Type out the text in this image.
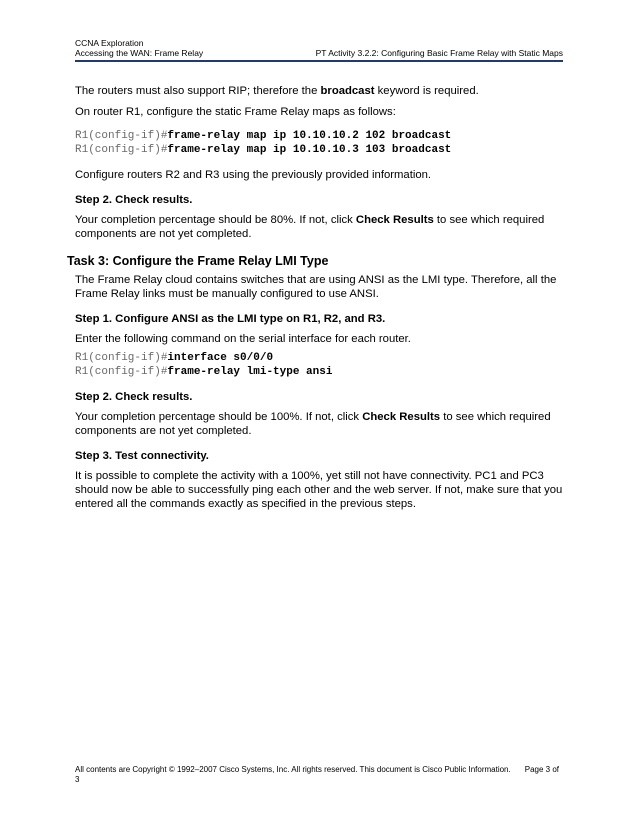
CCNA Exploration
Accessing the WAN: Frame Relay	PT Activity 3.2.2: Configuring Basic Frame Relay with Static Maps

The routers must also support RIP; therefore the broadcast keyword is required.

On router R1, configure the static Frame Relay maps as follows:

R1(config-if)#frame-relay map ip 10.10.10.2 102 broadcast
R1(config-if)#frame-relay map ip 10.10.10.3 103 broadcast

Configure routers R2 and R3 using the previously provided information.

Step 2. Check results.

Your completion percentage should be 80%. If not, click Check Results to see which required components are not yet completed.

Task 3: Configure the Frame Relay LMI Type

The Frame Relay cloud contains switches that are using ANSI as the LMI type. Therefore, all the Frame Relay links must be manually configured to use ANSI.

Step 1. Configure ANSI as the LMI type on R1, R2, and R3.

Enter the following command on the serial interface for each router.

R1(config-if)#interface s0/0/0
R1(config-if)#frame-relay lmi-type ansi

Step 2. Check results.

Your completion percentage should be 100%. If not, click Check Results to see which required components are not yet completed.

Step 3. Test connectivity.

It is possible to complete the activity with a 100%, yet still not have connectivity. PC1 and PC3 should now be able to successfully ping each other and the web server. If not, make sure that you entered all the commands exactly as specified in the previous steps.

All contents are Copyright © 1992–2007 Cisco Systems, Inc. All rights reserved. This document is Cisco Public Information. Page 3 of 3
